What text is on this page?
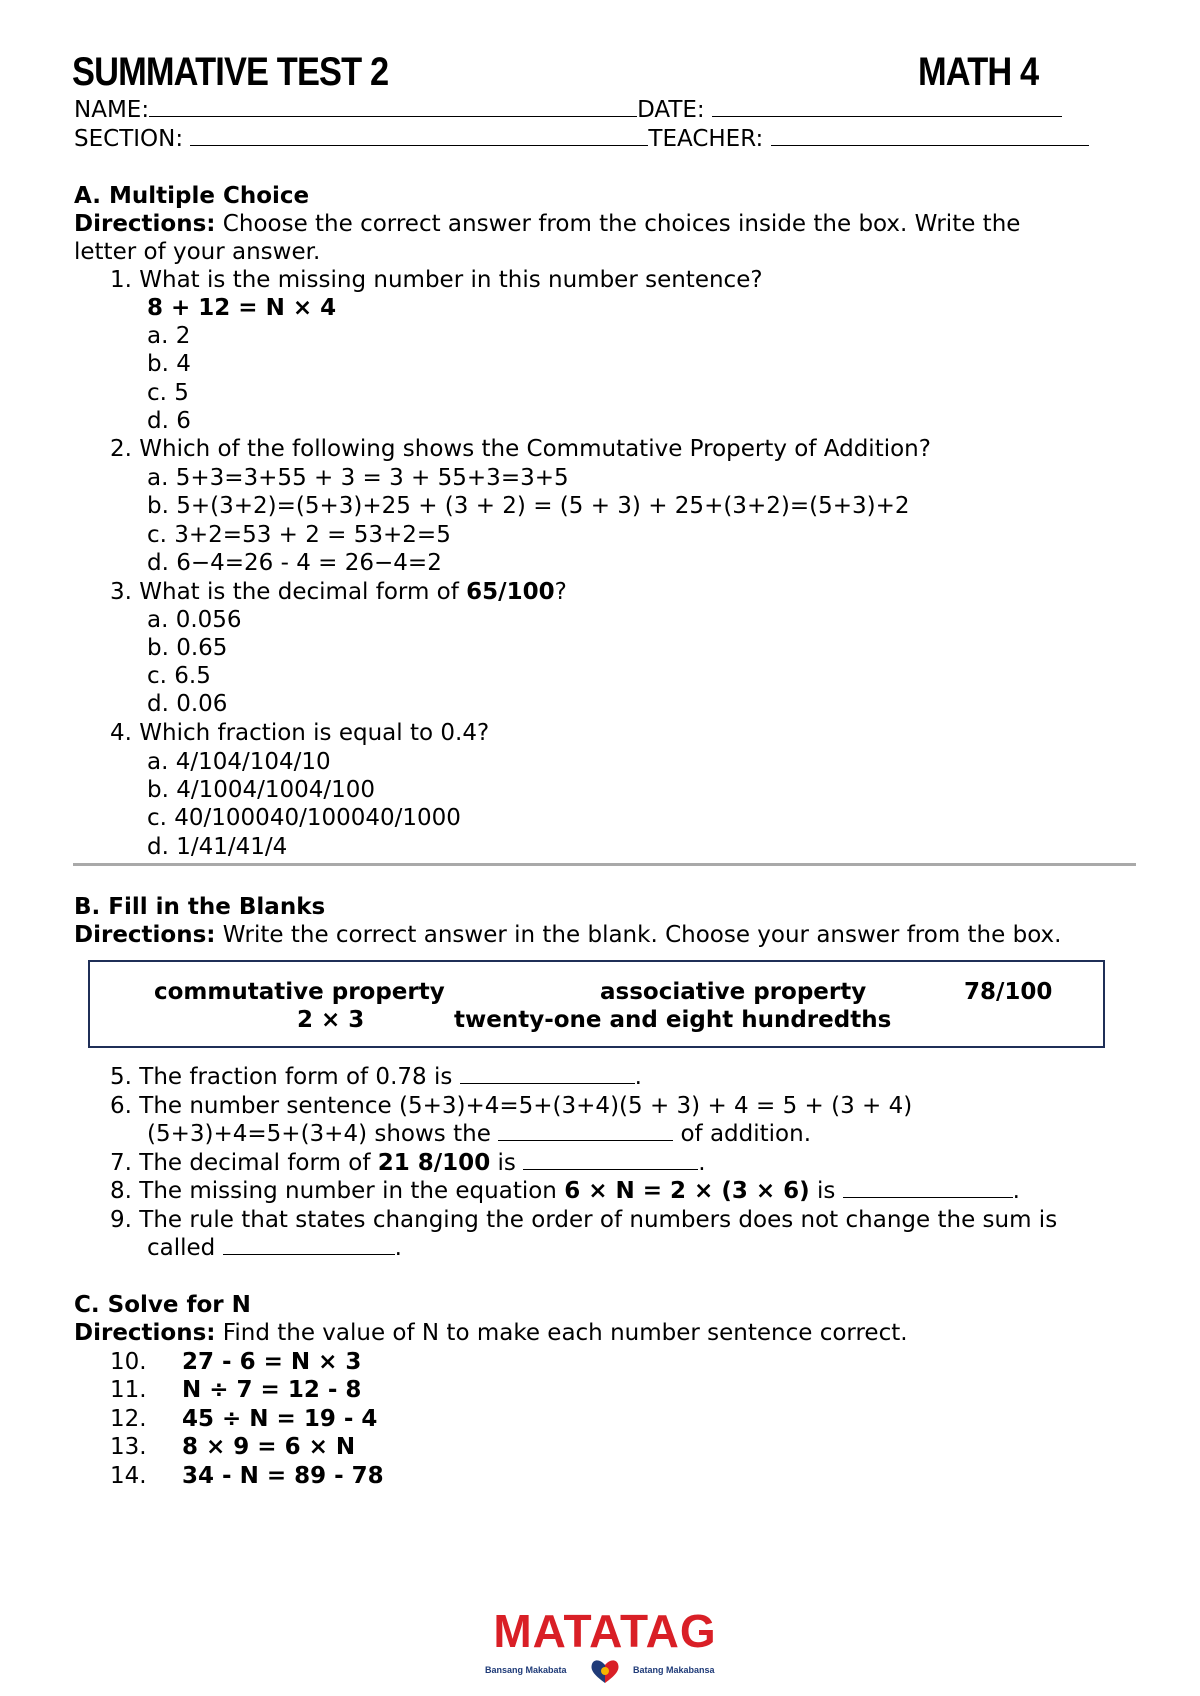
SUMMATIVE TEST 2	MATH 4
NAME:	DATE:
SECTION:	TEACHER:
A. Multiple Choice
Directions: Choose the correct answer from the choices inside the box. Write the
letter of your answer.
1. What is the missing number in this number sentence?
8 + 12 = N × 4
a. 2
b. 4
c. 5
d. 6
2. Which of the following shows the Commutative Property of Addition?
a. 5+3=3+55 + 3 = 3 + 55+3=3+5
b. 5+(3+2)=(5+3)+25 + (3 + 2) = (5 + 3) + 25+(3+2)=(5+3)+2
c. 3+2=53 + 2 = 53+2=5
d. 6−4=26 - 4 = 26−4=2
3. What is the decimal form of 65/100?
a. 0.056
b. 0.65
c. 6.5
d. 0.06
4. Which fraction is equal to 0.4?
a. 4/104/104/10
b. 4/1004/1004/100
c. 40/100040/100040/1000
d. 1/41/41/4
B. Fill in the Blanks
Directions: Write the correct answer in the blank. Choose your answer from the box.
commutative property	associative property	78/100
2 × 3	twenty-one and eight hundredths
5. The fraction form of 0.78 is	.
6. The number sentence (5+3)+4=5+(3+4)(5 + 3) + 4 = 5 + (3 + 4)
(5+3)+4=5+(3+4) shows the	of addition.
7. The decimal form of 21 8/100 is	.
8. The missing number in the equation 6 × N = 2 × (3 × 6) is	.
9. The rule that states changing the order of numbers does not change the sum is
called	.
C. Solve for N
Directions: Find the value of N to make each number sentence correct.
10. 27 - 6 = N × 3
11. N ÷ 7 = 12 - 8
12. 45 ÷ N = 19 - 4
13. 8 × 9 = 6 × N
14. 34 - N = 89 - 78
MATATAG
Bansang Makabata	Batang Makabansa
